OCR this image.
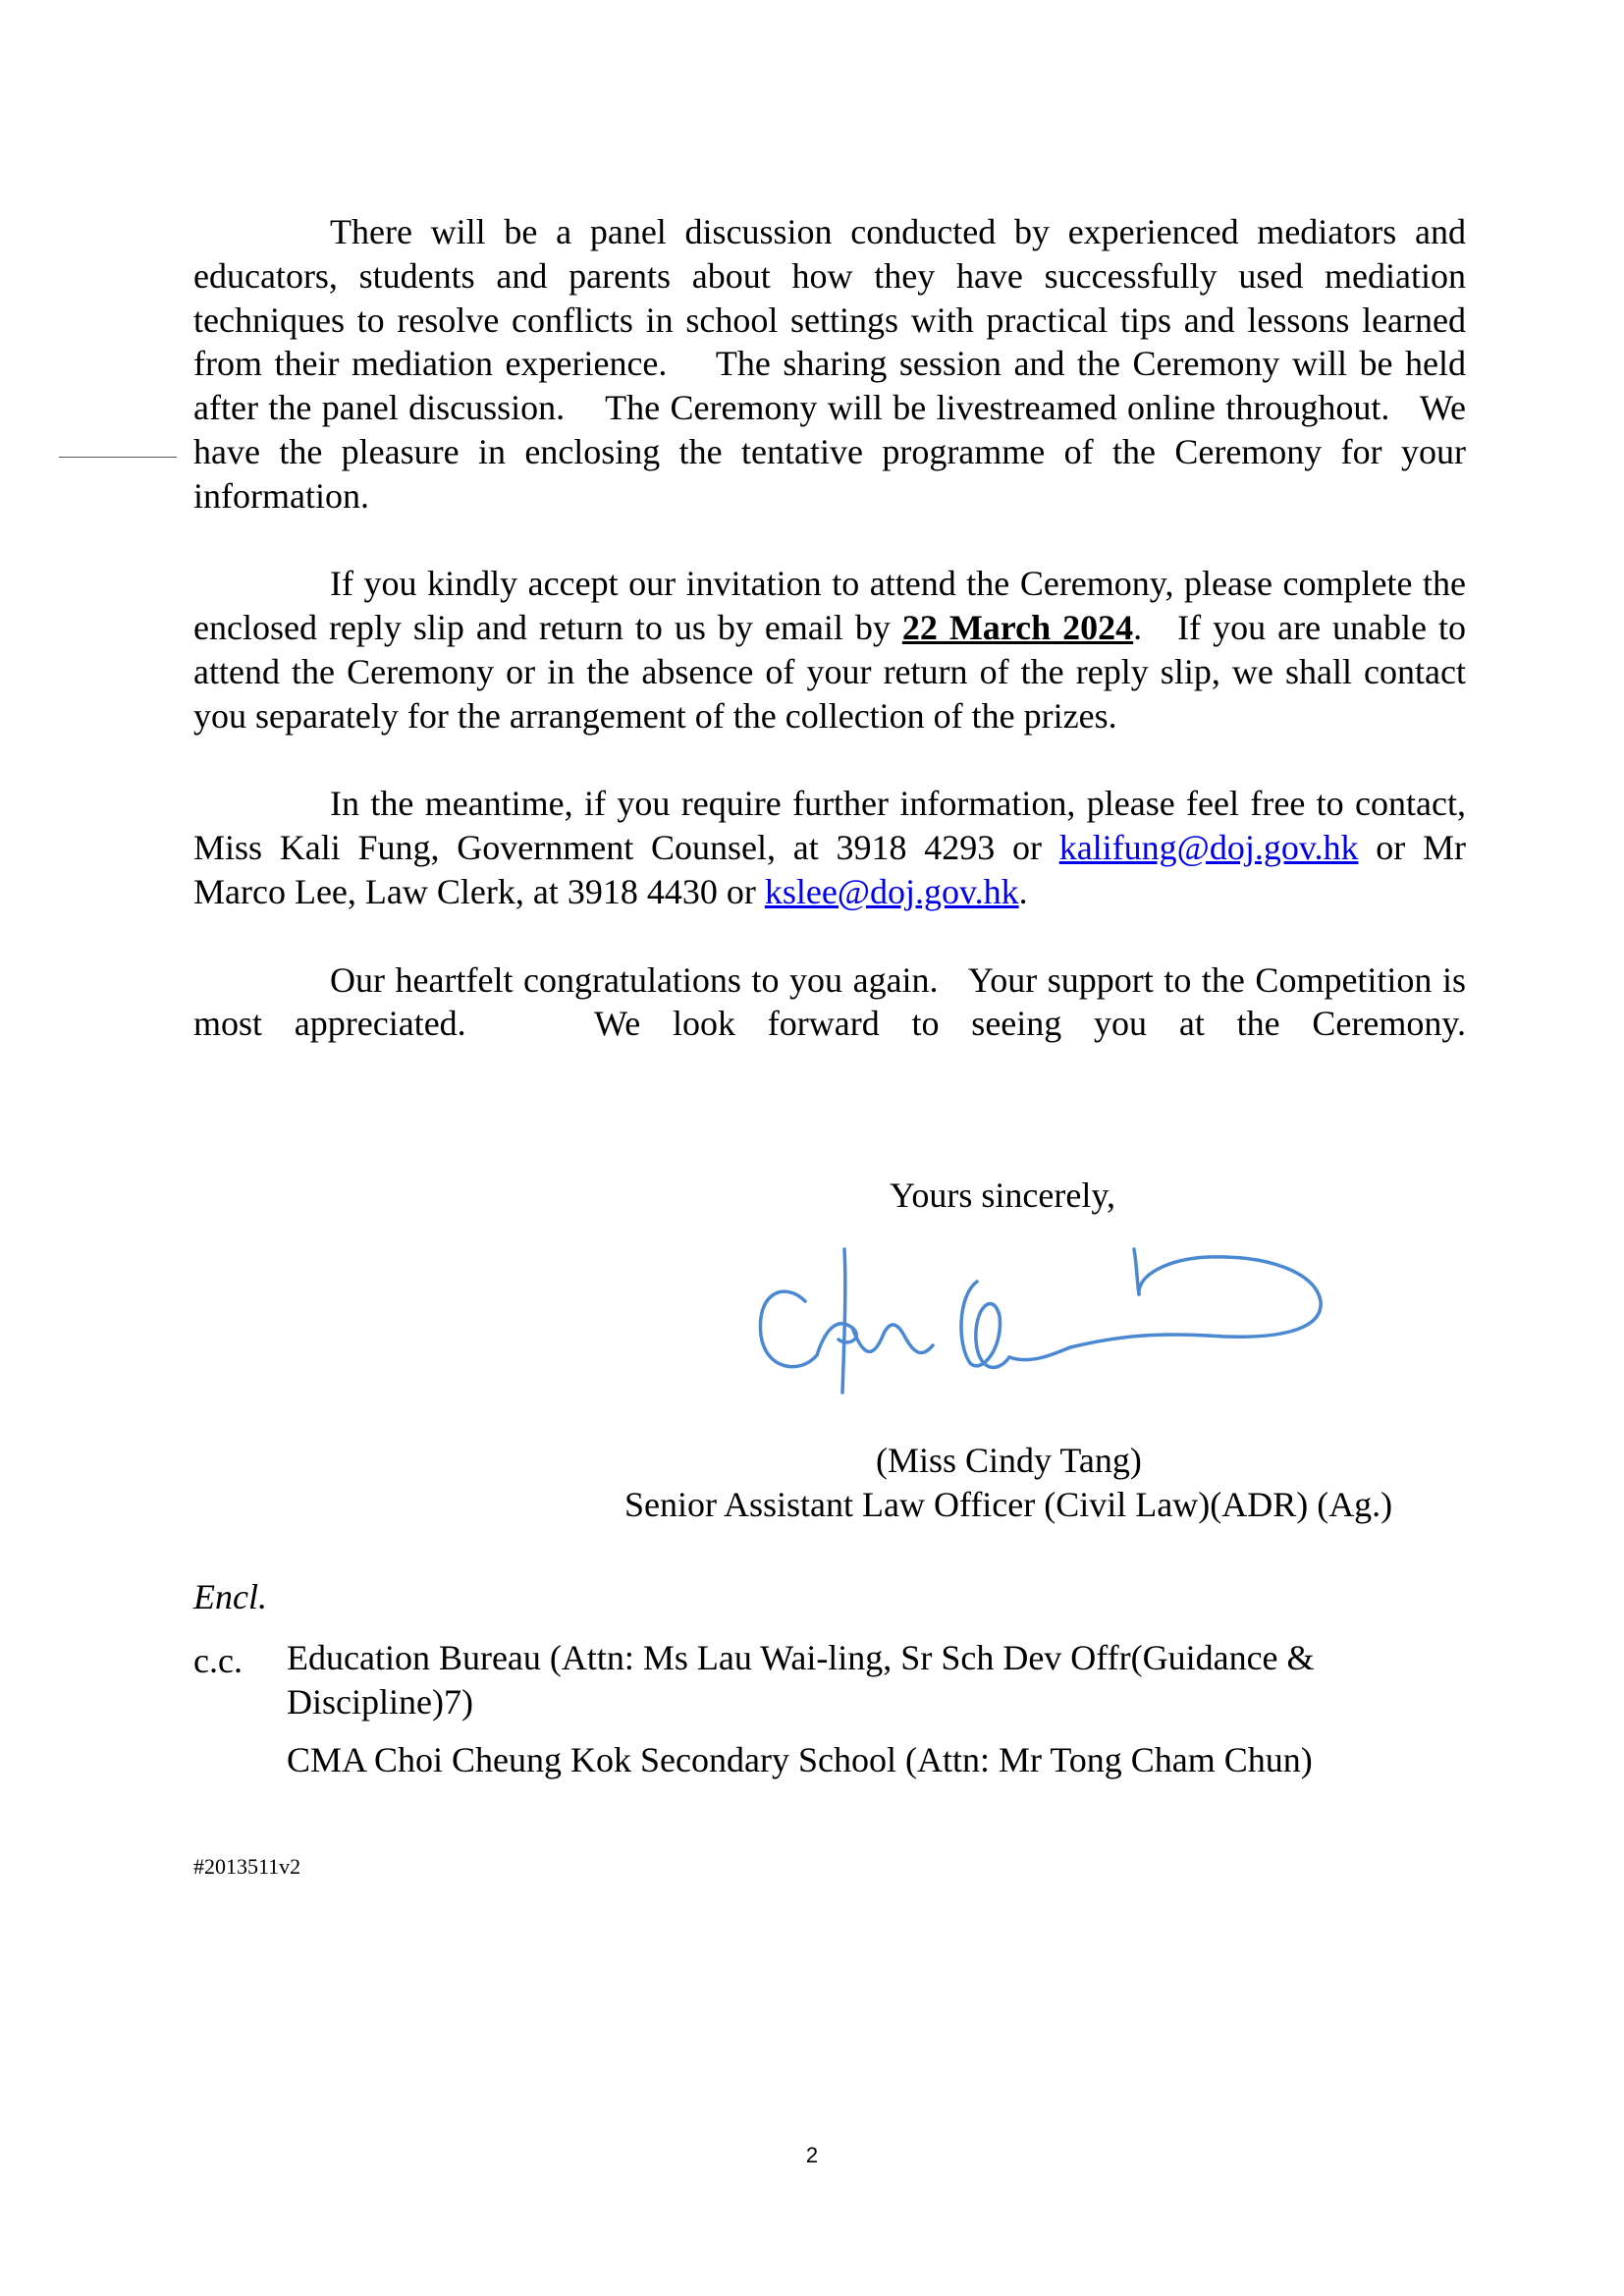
There will be a panel discussion conducted by experienced mediators and educators, students and parents about how they have successfully used mediation techniques to resolve conflicts in school settings with practical tips and lessons learned from their mediation experience.    The sharing session and the Ceremony will be held after the panel discussion.    The Ceremony will be livestreamed online throughout.   We have the pleasure in enclosing the tentative programme of the Ceremony for your information.

If you kindly accept our invitation to attend the Ceremony, please complete the enclosed reply slip and return to us by email by 22 March 2024.   If you are unable to attend the Ceremony or in the absence of your return of the reply slip, we shall contact you separately for the arrangement of the collection of the prizes.

In the meantime, if you require further information, please feel free to contact, Miss Kali Fung, Government Counsel, at 3918 4293 or kalifung@doj.gov.hk or Mr Marco Lee, Law Clerk, at 3918 4430 or kslee@doj.gov.hk.

Our heartfelt congratulations to you again.   Your support to the Competition is most appreciated.    We look forward to seeing you at the Ceremony.

Yours sincerely,
(Miss Cindy Tang)
Senior Assistant Law Officer (Civil Law)(ADR) (Ag.)
Encl.
c.c. Education Bureau (Attn: Ms Lau Wai-ling, Sr Sch Dev Offr(Guidance & Discipline)7)
CMA Choi Cheung Kok Secondary School (Attn: Mr Tong Cham Chun)
#2013511v2
2
